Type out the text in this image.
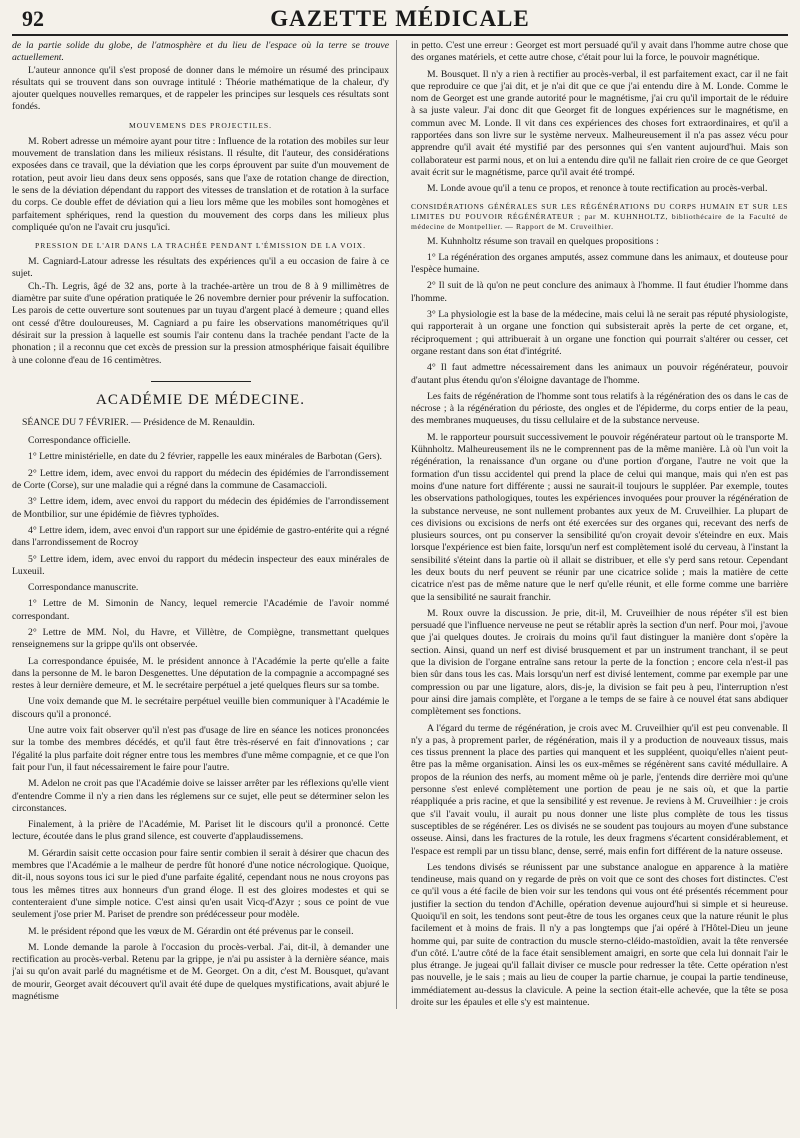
92	GAZETTE MÉDICALE

de la partie solide du globe, de l'atmosphère et du lieu de l'espace où la terre se trouve actuellement.

L'auteur annonce qu'il s'est proposé de donner dans le mémoire un résumé des principaux résultats qui se trouvent dans son ouvrage intitulé : Théorie mathématique de la chaleur, d'y ajouter quelques nouvelles remarques, et de rappeler les principes sur lesquels ces résultats sont fondés.

MOUVEMENS DES PROJECTILES.

M. Robert adresse un mémoire ayant pour titre : Influence de la rotation des mobiles sur leur mouvement de translation dans les milieux résistans. Il résulte, dit l'auteur, des considérations exposées dans ce travail, que la déviation que les corps éprouvent par suite d'un mouvement de rotation, peut avoir lieu dans deux sens opposés, sans que l'axe de rotation change de direction, le sens de la déviation dépendant du rapport des vitesses de translation et de rotation à la surface du corps. Ce double effet de déviation qui a lieu lors même que les mobiles sont homogènes et parfaitement sphériques, rend la question du mouvement des corps dans les milieux plus compliquée qu'on ne l'avait cru jusqu'ici.

PRESSION DE L'AIR DANS LA TRACHÉE PENDANT L'ÉMISSION DE LA VOIX.

M. Cagniard-Latour adresse les résultats des expériences qu'il a eu occasion de faire à ce sujet.

Ch.-Th. Legris, âgé de 32 ans, porte à la trachée-artère un trou de 8 à 9 millimètres de diamètre par suite d'une opération pratiquée le 26 novembre dernier pour prévenir la suffocation. Les parois de cette ouverture sont soutenues par un tuyau d'argent placé à demeure ; quand elles ont cessé d'être douloureuses, M. Cagniard a pu faire les observations manométriques qu'il désirait sur la pression à laquelle est soumis l'air contenu dans la trachée pendant l'acte de la phonation ; il a reconnu que cet excès de pression sur la pression atmosphérique faisait équilibre à une colonne d'eau de 16 centimètres.

ACADÉMIE DE MÉDECINE.
SÉANCE DU 7 FÉVRIER. — Présidence de M. Renauldin.

Correspondance officielle.

1° Lettre ministérielle, en date du 2 février, rappelle les eaux minérales de Barbotan (Gers).

2° Lettre idem, idem, avec envoi du rapport du médecin des épidémies de l'arrondissement de Corte (Corse), sur une maladie qui a régné dans la commune de Casamaccioli.

3° Lettre idem, idem, avec envoi du rapport du médecin des épidémies de l'arrondissement de Montbilior, sur une épidémie de fièvres typhoïdes.

4° Lettre idem, idem, avec envoi d'un rapport sur une épidémie de gastro-entérite qui a régné dans l'arrondissement de Rocroy

5° Lettre idem, idem, avec envoi du rapport du médecin inspecteur des eaux minérales de Luxeuil.

Correspondance manuscrite.

1° Lettre de M. Simonin de Nancy, lequel remercie l'Académie de l'avoir nommé correspondant.

2° Lettre de MM. Nol, du Havre, et Villètre, de Compiègne, transmettant quelques renseignemens sur la grippe qu'ils ont observée.

La correspondance épuisée, M. le président annonce à l'Académie la perte qu'elle a faite dans la personne de M. le baron Desgenettes. Une députation de la compagnie a accompagné ses restes à leur dernière demeure, et M. le secrétaire perpétuel a jeté quelques fleurs sur sa tombe.

Une voix demande que M. le secrétaire perpétuel veuille bien communiquer à l'Académie le discours qu'il a prononcé.

Une autre voix fait observer qu'il n'est pas d'usage de lire en séance les notices prononcées sur la tombe des membres décédés, et qu'il faut être très-réservé en fait d'innovations ; car l'égalité la plus parfaite doit régner entre tous les membres d'une même compagnie, et ce que l'on fait pour l'un, il faut nécessairement le faire pour l'autre.

M. Adelon ne croit pas que l'Académie doive se laisser arrêter par les réflexions qu'elle vient d'entendre Comme il n'y a rien dans les réglemens sur ce sujet, elle peut se déterminer selon les circonstances.

Finalement, à la prière de l'Académie, M. Pariset lit le discours qu'il a prononcé. Cette lecture, écoutée dans le plus grand silence, est couverte d'applaudissemens.

M. Gérardin saisit cette occasion pour faire sentir combien il serait à désirer que chacun des membres que l'Académie a le malheur de perdre fût honoré d'une notice nécrologique. Quoique, dit-il, nous soyons tous ici sur le pied d'une parfaite égalité, cependant nous ne nous croyons pas tous les mêmes titres aux honneurs d'un grand éloge. Il est des gloires modestes et qui se contenteraient d'une simple notice. C'est ainsi qu'en usait Vicq-d'Azyr ; sous ce point de vue seulement j'ose prier M. Pariset de prendre son prédécesseur pour modèle.

M. le président répond que les vœux de M. Gérardin ont été prévenus par le conseil.

M. Londe demande la parole à l'occasion du procès-verbal. J'ai, dit-il, à demander une rectification au procès-verbal. Retenu par la grippe, je n'ai pu assister à la dernière séance, mais j'ai su qu'on avait parlé du magnétisme et de M. Georget. On a dit, c'est M. Bousquet, qu'avant de mourir, Georget avait découvert qu'il avait été dupe de quelques mystifications, avait abjuré le magnétisme

in petto. C'est une erreur : Georget est mort persuadé qu'il y avait dans l'homme autre chose que des organes matériels, et cette autre chose, c'était pour lui la force, le pouvoir magnétique.

M. Bousquet. Il n'y a rien à rectifier au procès-verbal, il est parfaitement exact, car il ne fait que reproduire ce que j'ai dit, et je n'ai dit que ce que j'ai entendu dire à M. Londe. Comme le nom de Georget est une grande autorité pour le magnétisme, j'ai cru qu'il importait de le réduire à sa juste valeur. J'ai donc dit que Georget fit de longues expériences sur le magnétisme, en commun avec M. Londe. Il vit dans ces expériences des choses fort extraordinaires, et qu'il a rapportées dans son livre sur le système nerveux. Malheureusement il n'a pas assez vécu pour apprendre qu'il avait été mystifié par des personnes qui s'en vantent aujourd'hui. Mais son collaborateur est parmi nous, et on lui a entendu dire qu'il ne fallait rien croire de ce que Georget avait écrit sur le magnétisme, parce qu'il avait été trompé.

M. Londe avoue qu'il a tenu ce propos, et renonce à toute rectification au procès-verbal.

CONSIDÉRATIONS GÉNÉRALES SUR LES RÉGÉNÉRATIONS DU CORPS HUMAIN ET SUR LES LIMITES DU POUVOIR RÉGÉNÉRATEUR ; par M. KUHNHOLTZ, bibliothécaire de la Faculté de médecine de Montpellier. — Rapport de M. Cruveilhier.

M. Kuhnholtz résume son travail en quelques propositions :

1° La régénération des organes amputés, assez commune dans les animaux, et douteuse pour l'espèce humaine.

2° Il suit de là qu'on ne peut conclure des animaux à l'homme. Il faut étudier l'homme dans l'homme.

3° La physiologie est la base de la médecine, mais celui là ne serait pas réputé physiologiste, qui rapporterait à un organe une fonction qui subsisterait après la perte de cet organe, et, réciproquement ; qui attribuerait à un organe une fonction qui pourrait s'altérer ou cesser, cet organe restant dans son état d'intégrité.

4° Il faut admettre nécessairement dans les animaux un pouvoir régénérateur, pouvoir d'autant plus étendu qu'on s'éloigne davantage de l'homme.

Les faits de régénération de l'homme sont tous relatifs à la régénération des os dans le cas de nécrose ; à la régénération du périoste, des ongles et de l'épiderme, du corps entier de la peau, des membranes muqueuses, du tissu cellulaire et de la substance nerveuse.

M. le rapporteur poursuit successivement le pouvoir régénérateur partout où le transporte M. Kühnholtz. Malheureusement ils ne le comprennent pas de la même manière. Là où l'un voit la régénération, la renaissance d'un organe ou d'une portion d'organe, l'autre ne voit que la formation d'un tissu accidentel qui prend la place de celui qui manque, mais qui n'en est pas moins d'une nature fort différente ; aussi ne saurait-il toujours le suppléer. Par exemple, toutes les observations pathologiques, toutes les expériences invoquées pour prouver la régénération de la substance nerveuse, ne sont nullement probantes aux yeux de M. Cruveilhier. La plupart de ces divisions ou excisions de nerfs ont été exercées sur des organes qui, recevant des nerfs de plusieurs sources, ont pu conserver la sensibilité qu'on croyait devoir s'éteindre en eux. Mais lorsque l'expérience est bien faite, lorsqu'un nerf est complètement isolé du cerveau, à l'instant la sensibilité s'éteint dans la partie où il allait se distribuer, et elle s'y perd sans retour. Cependant les deux bouts du nerf peuvent se réunir par une cicatrice solide ; mais la matière de cette cicatrice n'est pas de même nature que le nerf qu'elle réunit, et elle forme comme une barrière que la sensibilité ne saurait franchir.

M. Roux ouvre la discussion. Je prie, dit-il, M. Cruveilhier de nous répéter s'il est bien persuadé que l'influence nerveuse ne peut se rétablir après la section d'un nerf. Pour moi, j'avoue que j'ai quelques doutes. Je croirais du moins qu'il faut distinguer la manière dont s'opère la section. Ainsi, quand un nerf est divisé brusquement et par un instrument tranchant, il se peut que la division de l'organe entraîne sans retour la perte de la fonction ; encore cela n'est-il pas bien sûr dans tous les cas. Mais lorsqu'un nerf est divisé lentement, comme par exemple par une compression ou par une ligature, alors, dis-je, la division se fait peu à peu, l'interruption n'est pour ainsi dire jamais complète, et l'organe a le temps de se faire à ce nouvel état sans abdiquer complètement ses fonctions.

A l'égard du terme de régénération, je crois avec M. Cruveilhier qu'il est peu convenable. Il n'y a pas, à proprement parler, de régénération, mais il y a production de nouveaux tissus, mais ces tissus prennent la place des parties qui manquent et les suppléent, quoiqu'elles n'aient peut-être pas la même organisation. Ainsi les os eux-mêmes se régénèrent sans cavité médullaire. A propos de la réunion des nerfs, au moment même où je parle, j'entends dire derrière moi qu'une personne s'est enlevé complètement une portion de peau je ne sais où, et que la partie réappliquée a pris racine, et que la sensibilité y est revenue. Je reviens à M. Cruveilhier : je crois que s'il l'avait voulu, il aurait pu nous donner une liste plus complète de tous les tissus susceptibles de se régénérer. Les os divisés ne se soudent pas toujours au moyen d'une substance osseuse. Ainsi, dans les fractures de la rotule, les deux fragmens s'écartent considérablement, et l'espace est rempli par un tissu blanc, dense, serré, mais enfin fort différent de la nature osseuse.

Les tendons divisés se réunissent par une substance analogue en apparence à la matière tendineuse, mais quand on y regarde de près on voit que ce sont des choses fort distinctes. C'est ce qu'il vous a été facile de bien voir sur les tendons qui vous ont été présentés récemment pour justifier la section du tendon d'Achille, opération devenue aujourd'hui si simple et si heureuse. Quoiqu'il en soit, les tendons sont peut-être de tous les organes ceux que la nature réunit le plus facilement et à moins de frais. Il n'y a pas longtemps que j'ai opéré à l'Hôtel-Dieu un jeune homme qui, par suite de contraction du muscle sterno-cléido-mastoïdien, avait la tête renversée d'un côté. L'autre côté de la face était sensiblement amaigri, en sorte que cela lui donnait l'air le plus étrange. Je jugeai qu'il fallait diviser ce muscle pour redresser la tête. Cette opération n'est pas nouvelle, je le sais ; mais au lieu de couper la partie charnue, je coupai la partie tendineuse, immédiatement au-dessus la clavicule. A peine la section était-elle achevée, que la tête se posa droite sur les épaules et elle s'y est maintenue.
